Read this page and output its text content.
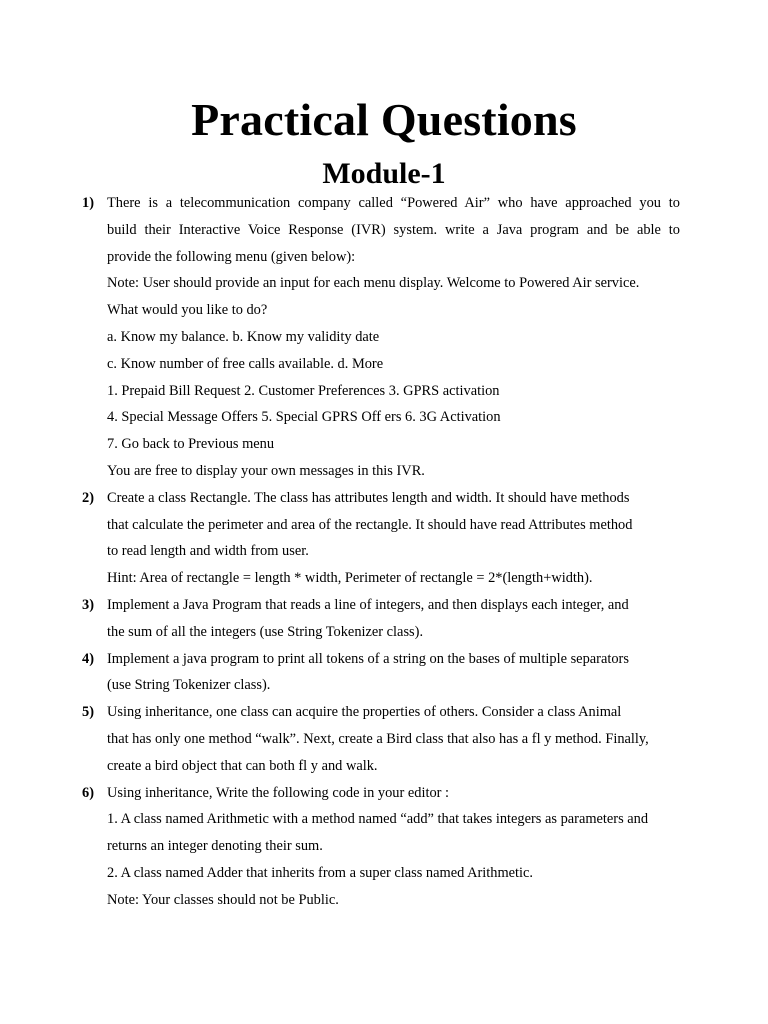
Practical Questions
Module-1
1) There is a telecommunication company called “Powered Air” who have approached you to
build their Interactive Voice Response (IVR) system. write a Java program and be able to
provide the following menu (given below):
Note: User should provide an input for each menu display. Welcome to Powered Air service.
What would you like to do?
a. Know my balance. b. Know my validity date
c. Know number of free calls available. d. More
1. Prepaid Bill Request 2. Customer Preferences 3. GPRS activation
4. Special Message Offers 5. Special GPRS Off ers 6. 3G Activation
7. Go back to Previous menu
You are free to display your own messages in this IVR.
2) Create a class Rectangle. The class has attributes length and width. It should have methods
that calculate the perimeter and area of the rectangle. It should have read Attributes method
to read length and width from user.
Hint: Area of rectangle = length * width, Perimeter of rectangle = 2*(length+width).
3) Implement a Java Program that reads a line of integers, and then displays each integer, and
the sum of all the integers (use String Tokenizer class).
4) Implement a java program to print all tokens of a string on the bases of multiple separators
(use String Tokenizer class).
5) Using inheritance, one class can acquire the properties of others. Consider a class Animal
that has only one method “walk”. Next, create a Bird class that also has a fl y method. Finally,
create a bird object that can both fl y and walk.
6) Using inheritance, Write the following code in your editor :
1. A class named Arithmetic with a method named “add” that takes integers as parameters and
returns an integer denoting their sum.
2. A class named Adder that inherits from a super class named Arithmetic.
Note: Your classes should not be Public.
